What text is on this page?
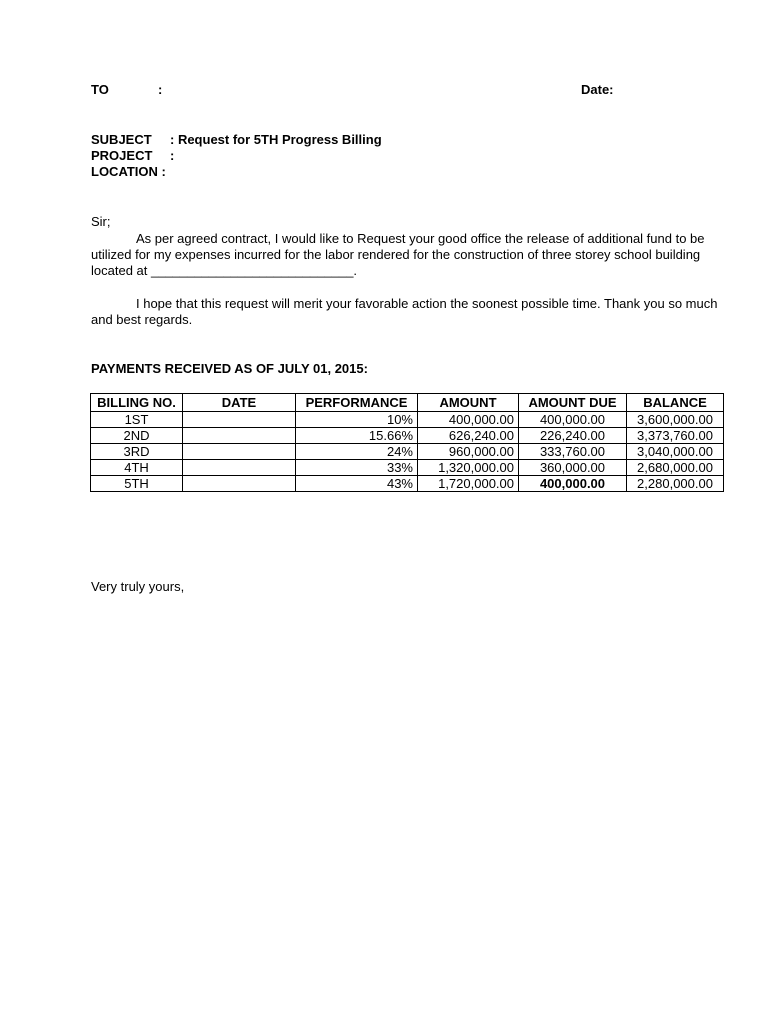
TO	:	Date:
SUBJECT : Request for 5TH Progress Billing
PROJECT :
LOCATION :
Sir;
As per agreed contract, I would like to Request your good office the release of additional fund to be utilized for my expenses incurred for the labor rendered for the construction of three storey school building located at ____________________________.
I hope that this request will merit your favorable action the soonest possible time. Thank you so much and best regards.
PAYMENTS RECEIVED AS OF JULY 01, 2015:
BILLING NO.	DATE	PERFORMANCE	AMOUNT	AMOUNT DUE	BALANCE
1ST		10%	400,000.00	400,000.00	3,600,000.00
2ND		15.66%	626,240.00	226,240.00	3,373,760.00
3RD		24%	960,000.00	333,760.00	3,040,000.00
4TH		33%	1,320,000.00	360,000.00	2,680,000.00
5TH		43%	1,720,000.00	400,000.00	2,280,000.00
Very truly yours,
